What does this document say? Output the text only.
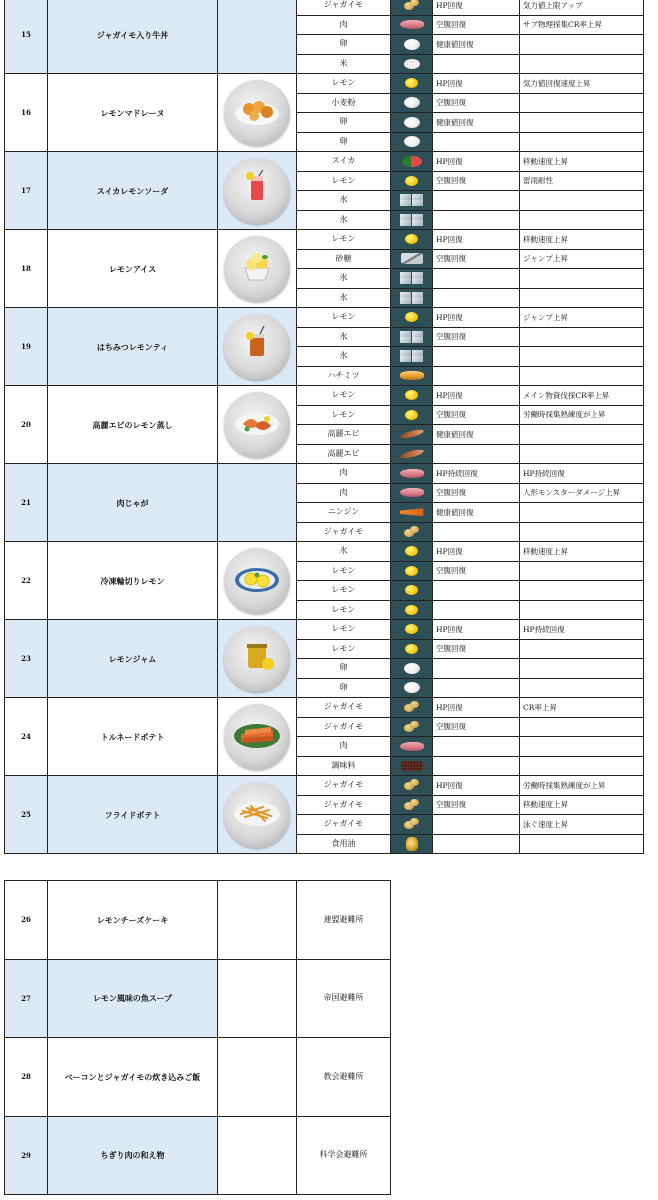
15	ジャガイモ入り牛丼		ジャガイモ		HP回復	気力値上限アップ
			肉		空腹回復	サブ物理採集CR率上昇
			卵		健康値回復	
			米			
16	レモンマドレーヌ		レモン		HP回復	気力値回復速度上昇
			小麦粉		空腹回復	
			卵		健康値回復	
			卵			
17	スイカレモンソーダ		スイカ		HP回復	移動速度上昇
			レモン		空腹回復	雷雨耐性
			氷			
			氷			
18	レモンアイス		レモン		HP回復	移動速度上昇
			砂糖		空腹回復	ジャンプ上昇
			氷			
			氷			
19	はちみつレモンティ		レモン		HP回復	ジャンプ上昇
			氷		空腹回復	
			氷			
			ハチミツ			
20	高麗エビのレモン蒸し		レモン		HP回復	メイン物資伐採CR率上昇
			レモン		空腹回復	労働時採集熟練度が上昇
			高麗エビ		健康値回復	
			高麗エビ			
21	肉じゃが		肉		HP持続回復	HP持続回復
			肉		空腹回復	人形モンスターダメージ上昇
			ニンジン		健康値回復	
			ジャガイモ			
22	冷凍輪切りレモン		氷		HP回復	移動速度上昇
			レモン		空腹回復	
			レモン			
			レモン			
23	レモンジャム		レモン		HP回復	HP持続回復
			レモン		空腹回復	
			卵			
			卵			
24	トルネードポテト		ジャガイモ		HP回復	CR率上昇
			ジャガイモ		空腹回復	
			肉			
			調味料			
25	フライドポテト		ジャガイモ		HP回復	労働時採集熟練度が上昇
			ジャガイモ		空腹回復	移動速度上昇
			ジャガイモ			泳ぐ速度上昇
			食用油			
26	レモンチーズケーキ		連盟避難所
27	レモン風味の魚スープ		帝国避難所
28	ベーコンとジャガイモの炊き込みご飯		教会避難所
29	ちぎり肉の和え物		科学会避難所
